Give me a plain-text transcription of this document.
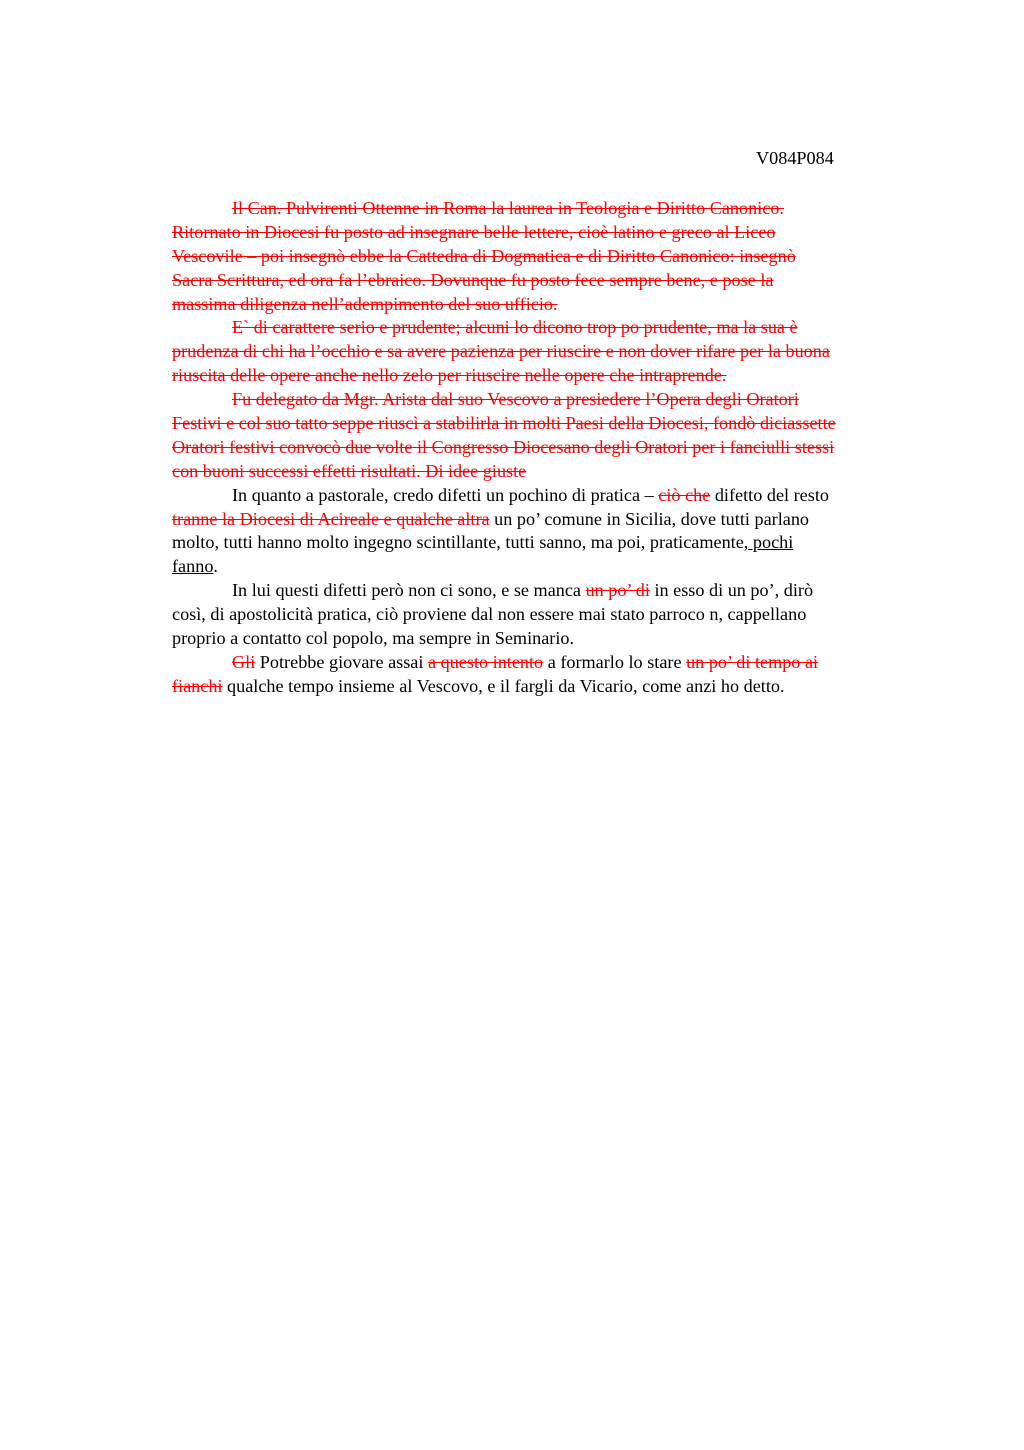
V084P084
Il Can. Pulvirenti Ottenne in Roma la laurea in Teologia e Diritto Canonico.
Ritornato in Diocesi fu posto ad insegnare belle lettere, cioè latino e greco al Liceo
Vescovile – poi insegnò ebbe la Cattedra di Dogmatica e di Diritto Canonico: insegnò
Sacra Scrittura, ed ora fa l’ebraico. Dovunque fu posto fece sempre bene, e pose la
massima diligenza nell’adempimento del suo ufficio.
E` di carattere serio e prudente; alcuni lo dicono trop po prudente, ma la sua è
prudenza di chi ha l’occhio e sa avere pazienza per riuscire e non dover rifare per la buona
riuscita delle opere anche nello zelo per riuscire nelle opere che intraprende.
Fu delegato da Mgr. Arista dal suo Vescovo a presiedere l’Opera degli Oratori
Festivi e col suo tatto seppe riuscì a stabilirla in molti Paesi della Diocesi, fondò diciassette
Oratori festivi convocò due volte il Congresso Diocesano degli Oratori per i fanciulli stessi
con buoni successi effetti risultati. Di idee giuste
In quanto a pastorale, credo difetti un pochino di pratica – ciò che difetto del resto
tranne la Diocesi di Acireale e qualche altra un po’ comune in Sicilia, dove tutti parlano
molto, tutti hanno molto ingegno scintillante, tutti sanno, ma poi, praticamente, pochi
fanno.
In lui questi difetti però non ci sono, e se manca un po’ di in esso di un po’, dirò
così, di apostolicità pratica, ciò proviene dal non essere mai stato parroco n, cappellano
proprio a contatto col popolo, ma sempre in Seminario.
Gli Potrebbe giovare assai a questo intento a formarlo lo stare un po’ di tempo ai
fianchi qualche tempo insieme al Vescovo, e il fargli da Vicario, come anzi ho detto.
